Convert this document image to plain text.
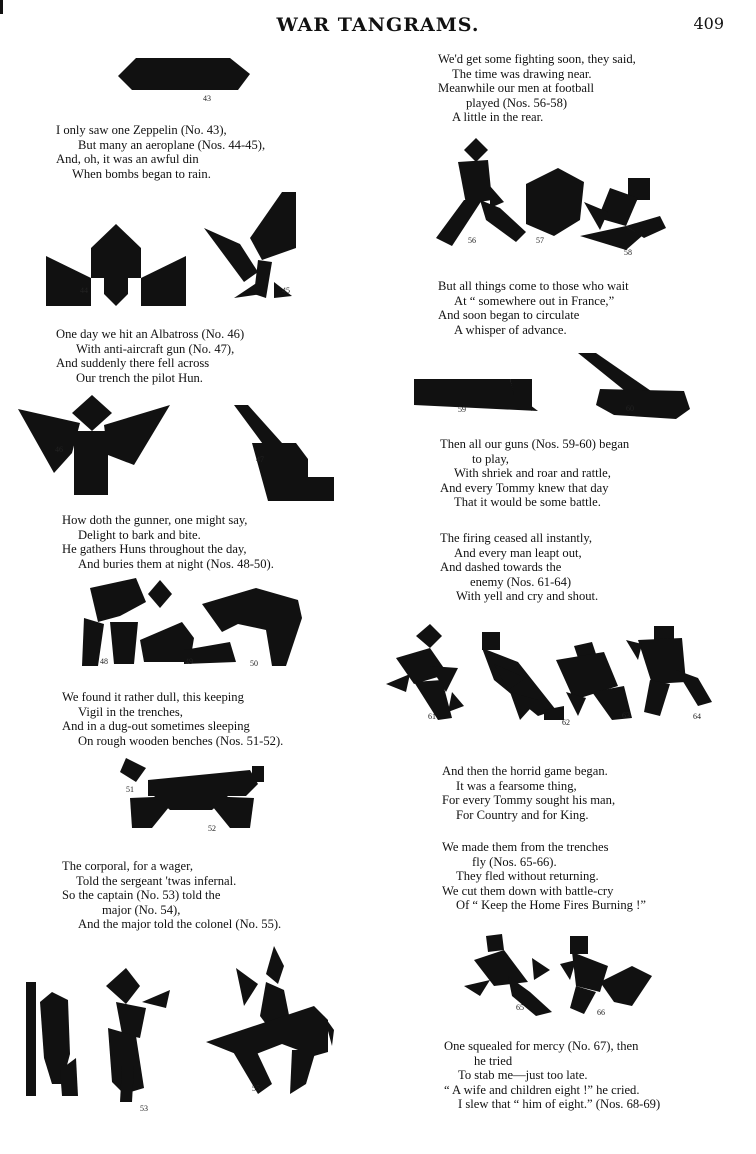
WAR TANGRAMS.	409
43
I only saw one Zeppelin (No. 43),
But many an aeroplane (Nos. 44-45),
And, oh, it was an awful din
When bombs began to rain.
44	45
One day we hit an Albatross (No. 46)
With anti-aircraft gun (No. 47),
And suddenly there fell across
Our trench the pilot Hun.
46
47
How doth the gunner, one might say,
Delight to bark and bite.
He gathers Huns throughout the day,
And buries them at night (Nos. 48-50).
48	49	50
We found it rather dull, this keeping
Vigil in the trenches,
And in a dug-out sometimes sleeping
On rough wooden benches (Nos. 51-52).
51
52
The corporal, for a wager,
Told the sergeant 'twas infernal.
So the captain (No. 53) told the
major (No. 54),
And the major told the colonel (No. 55).
53
55
We'd get some fighting soon, they said,
The time was drawing near.
Meanwhile our men at football
played (Nos. 56-58)
A little in the rear.
56	57
58
But all things come to those who wait
At “ somewhere out in France,”
And soon began to circulate
A whisper of advance.
59	60
Then all our guns (Nos. 59-60) began
to play,
With shriek and roar and rattle,
And every Tommy knew that day
That it would be some battle.
The firing ceased all instantly,
And every man leapt out,
And dashed towards the
enemy (Nos. 61-64)
With yell and cry and shout.
61
62
63	64
And then the horrid game began.
It was a fearsome thing,
For every Tommy sought his man,
For Country and for King.
We made them from the trenches
fly (Nos. 65-66).
They fled without returning.
We cut them down with battle-cry
Of “ Keep the Home Fires Burning !”
65
66
One squealed for mercy (No. 67), then
he tried
To stab me—just too late.
“ A wife and children eight !” he cried.
I slew that “ him of eight.” (Nos. 68-69)
